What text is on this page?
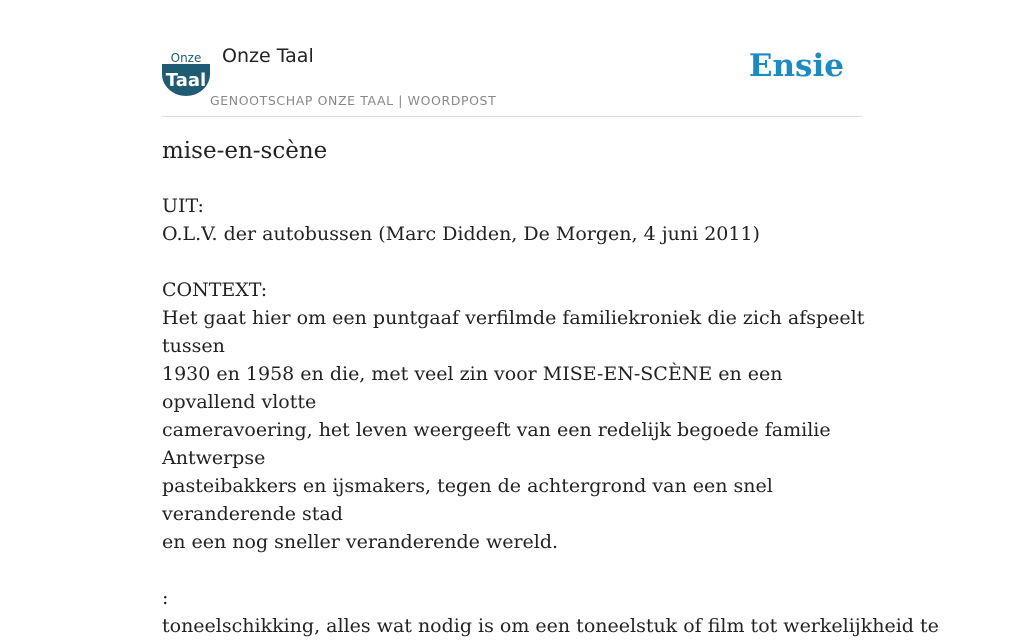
Onze
Taal
Onze Taal
GENOOTSCHAP ONZE TAAL | WOORDPOST
Ensie
mise-en-scène

UIT:

O.L.V. der autobussen (Marc Didden, De Morgen, 4 juni 2011)

CONTEXT:

Het gaat hier om een puntgaaf verfilmde familiekroniek die zich afspeelt tussen

1930 en 1958 en die, met veel zin voor MISE-EN-SCÈNE en een opvallend vlotte

cameravoering, het leven weergeeft van een redelijk begoede familie Antwerpse

pasteibakkers en ijsmakers, tegen de achtergrond van een snel veranderende stad

en een nog sneller veranderende wereld.

:

toneelschikking, alles wat nodig is om een toneelstuk of film tot werkelijkheid te
